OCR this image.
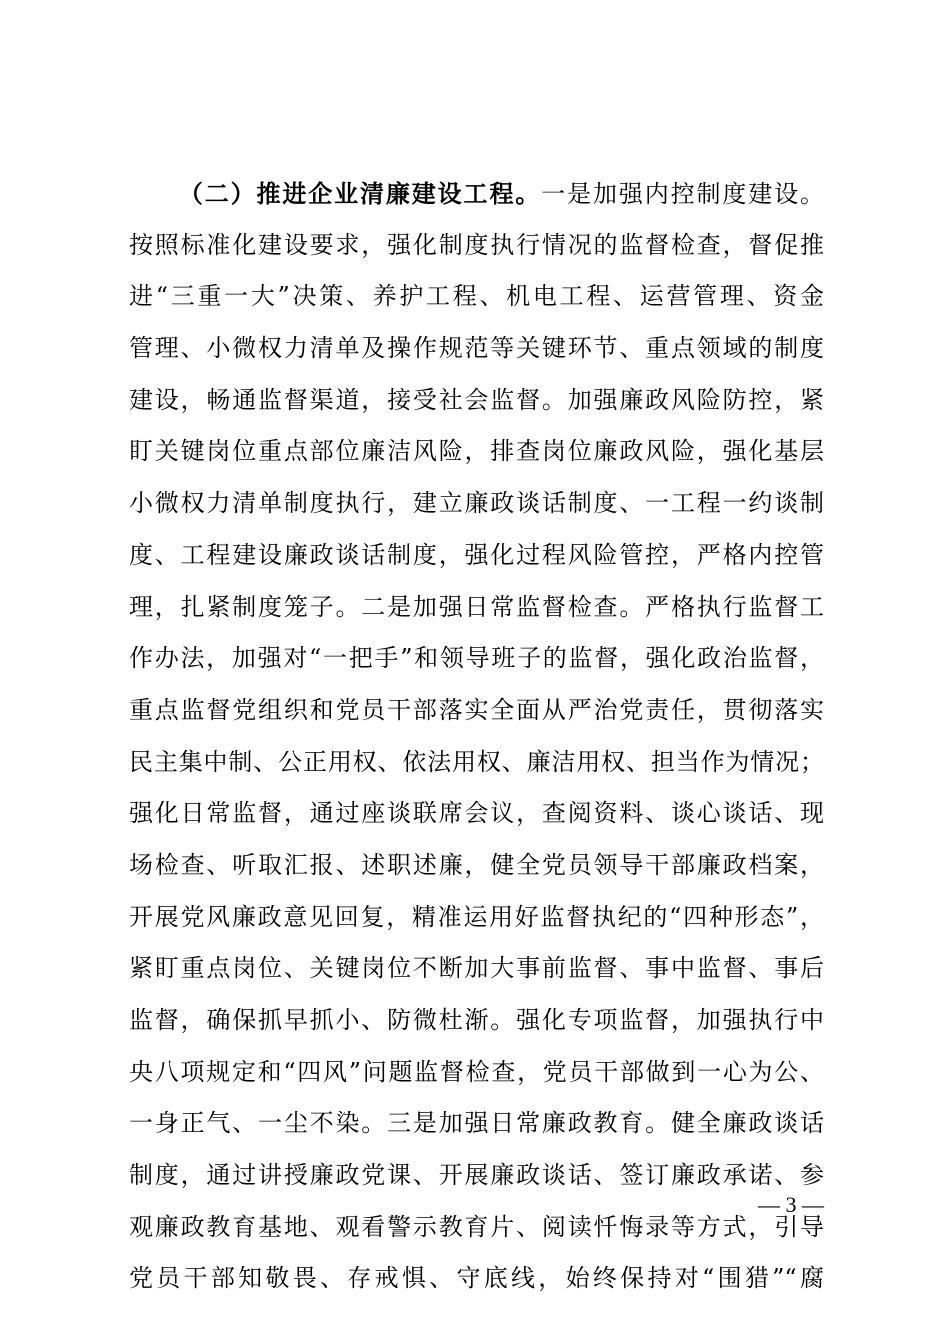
（二）推进企业清廉建设工程。一是加强内控制度建设。
按照标准化建设要求，强化制度执行情况的监督检查，督促推
进“三重一大”决策、养护工程、机电工程、运营管理、资金
管理、小微权力清单及操作规范等关键环节、重点领域的制度
建设，畅通监督渠道，接受社会监督。加强廉政风险防控，紧
盯关键岗位重点部位廉洁风险，排查岗位廉政风险，强化基层
小微权力清单制度执行，建立廉政谈话制度、一工程一约谈制
度、工程建设廉政谈话制度，强化过程风险管控，严格内控管
理，扎紧制度笼子。二是加强日常监督检查。严格执行监督工
作办法，加强对“一把手”和领导班子的监督，强化政治监督，
重点监督党组织和党员干部落实全面从严治党责任，贯彻落实
民主集中制、公正用权、依法用权、廉洁用权、担当作为情况；
强化日常监督，通过座谈联席会议，查阅资料、谈心谈话、现
场检查、听取汇报、述职述廉，健全党员领导干部廉政档案，
开展党风廉政意见回复，精准运用好监督执纪的“四种形态”，
紧盯重点岗位、关键岗位不断加大事前监督、事中监督、事后
监督，确保抓早抓小、防微杜渐。强化专项监督，加强执行中
央八项规定和“四风”问题监督检查，党员干部做到一心为公、
一身正气、一尘不染。三是加强日常廉政教育。健全廉政谈话
制度，通过讲授廉政党课、开展廉政谈话、签订廉政承诺、参
观廉政教育基地、观看警示教育片、阅读忏悔录等方式，引导
党员干部知敬畏、存戒惧、守底线，始终保持对“围猎”“腐
— 3 —
